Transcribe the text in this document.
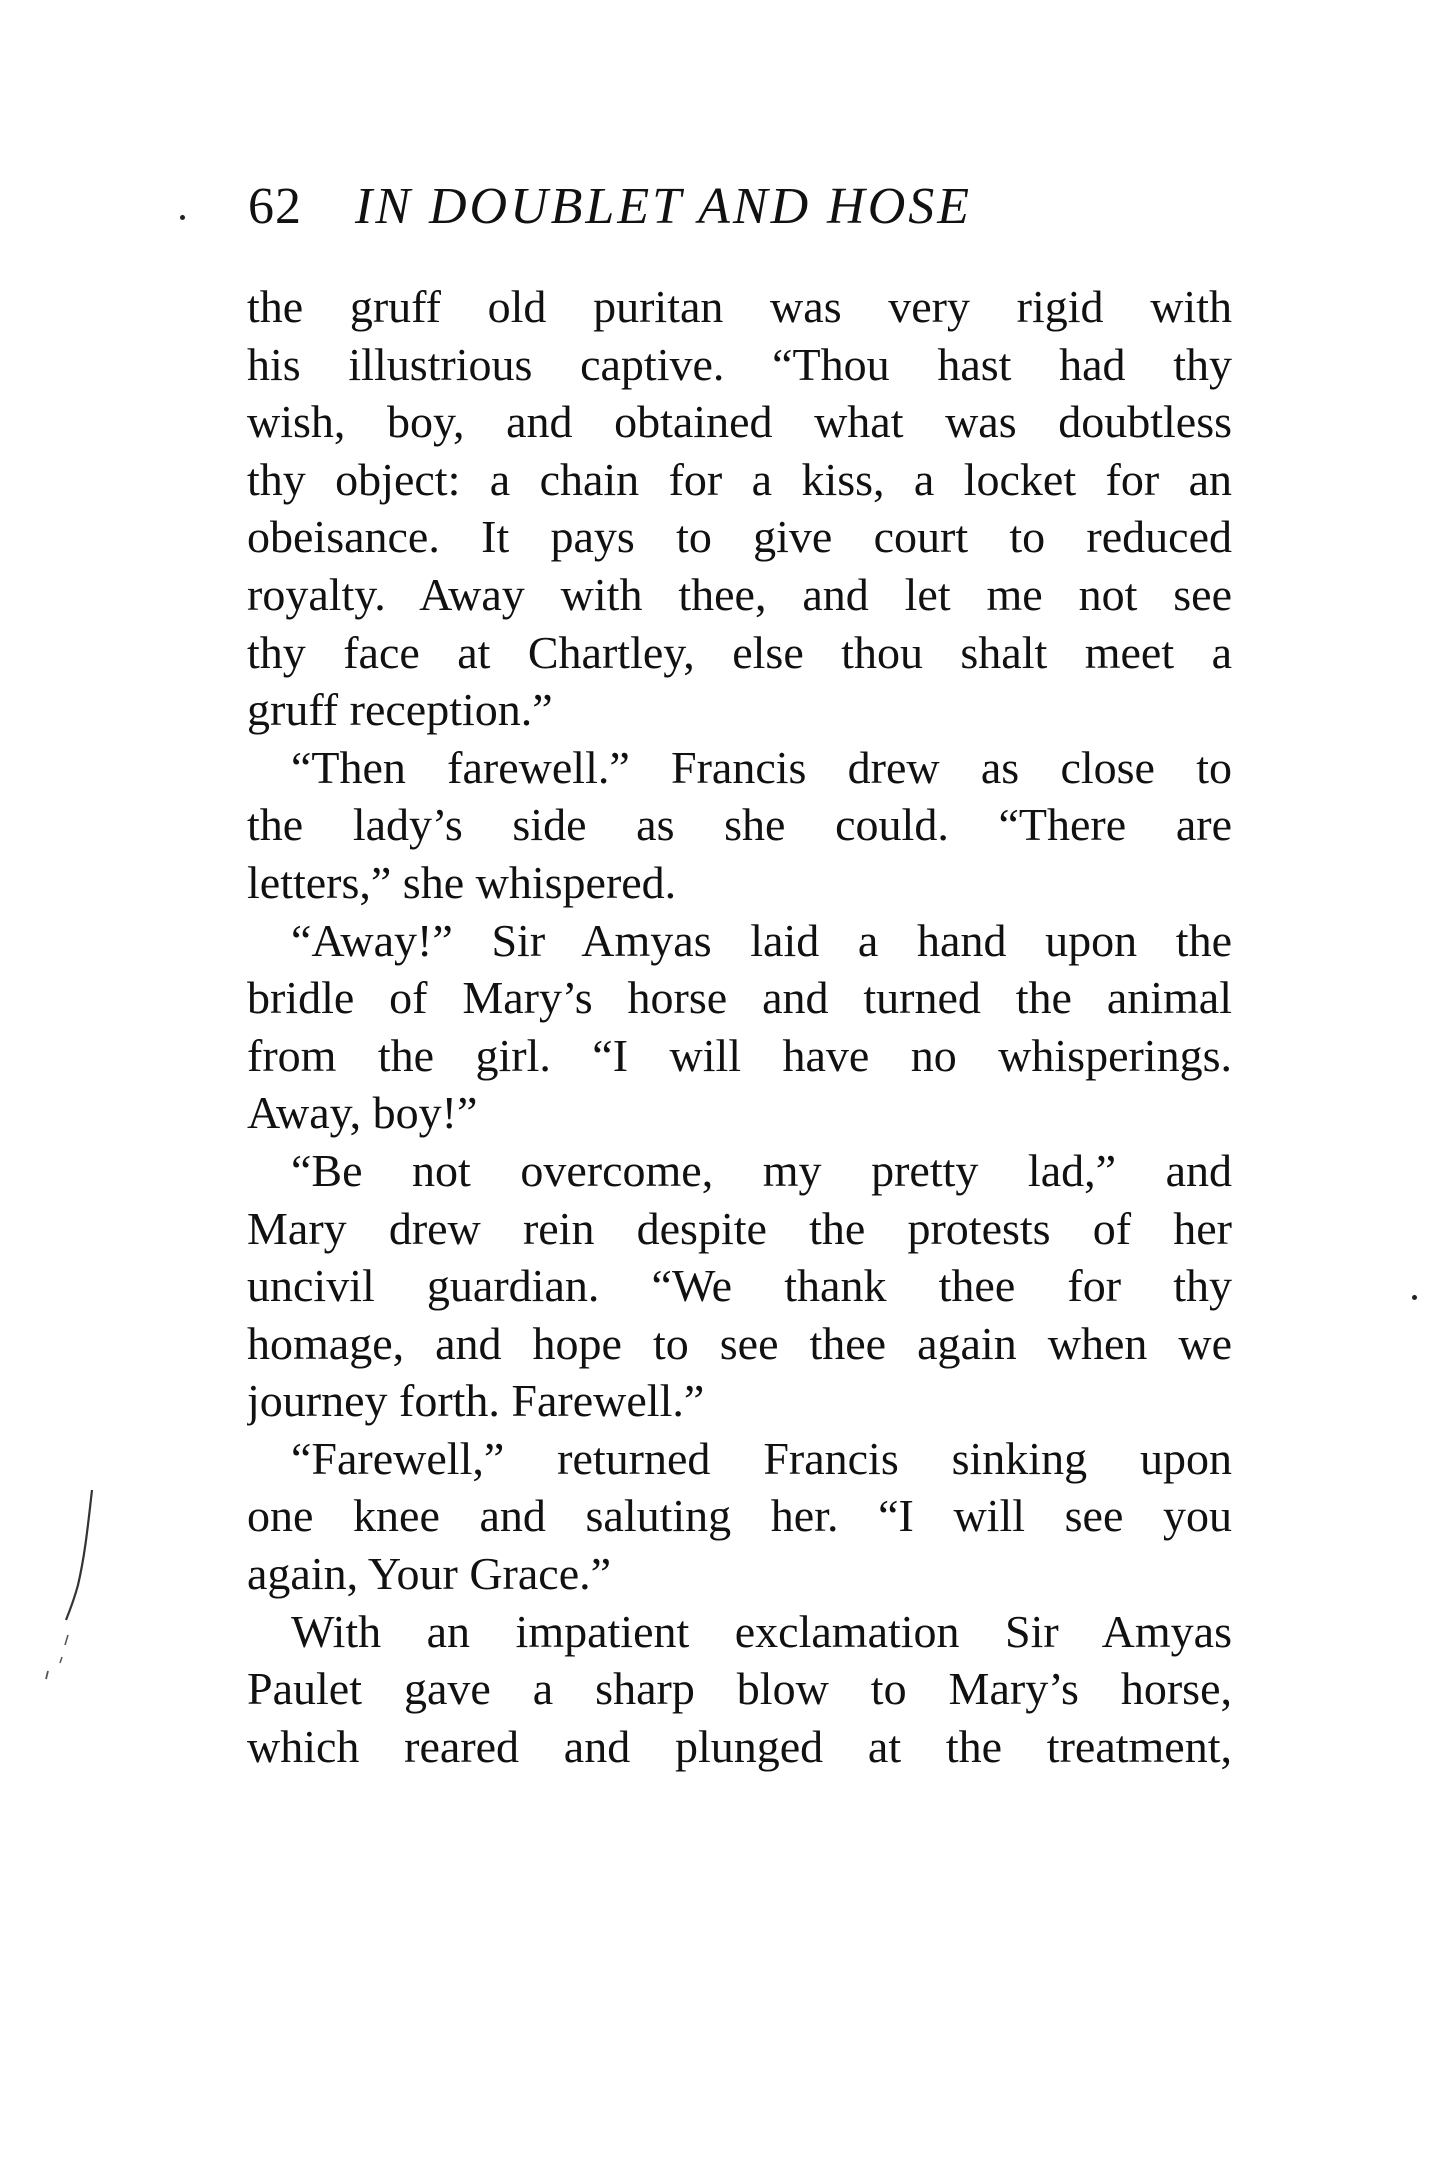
62 IN DOUBLET AND HOSE
the gruff old puritan was very rigid with
his illustrious captive. “Thou hast had thy
wish, boy, and obtained what was doubtless
thy object: a chain for a kiss, a locket for an
obeisance. It pays to give court to reduced
royalty. Away with thee, and let me not see
thy face at Chartley, else thou shalt meet a
gruff reception.”
“Then farewell.” Francis drew as close to
the lady’s side as she could. “There are
letters,” she whispered.
“Away!” Sir Amyas laid a hand upon the
bridle of Mary’s horse and turned the animal
from the girl. “I will have no whisperings.
Away, boy!”
“Be not overcome, my pretty lad,” and
Mary drew rein despite the protests of her
uncivil guardian. “We thank thee for thy
homage, and hope to see thee again when we
journey forth. Farewell.”
“Farewell,” returned Francis sinking upon
one knee and saluting her. “I will see you
again, Your Grace.”
With an impatient exclamation Sir Amyas
Paulet gave a sharp blow to Mary’s horse,
which reared and plunged at the treatment,
